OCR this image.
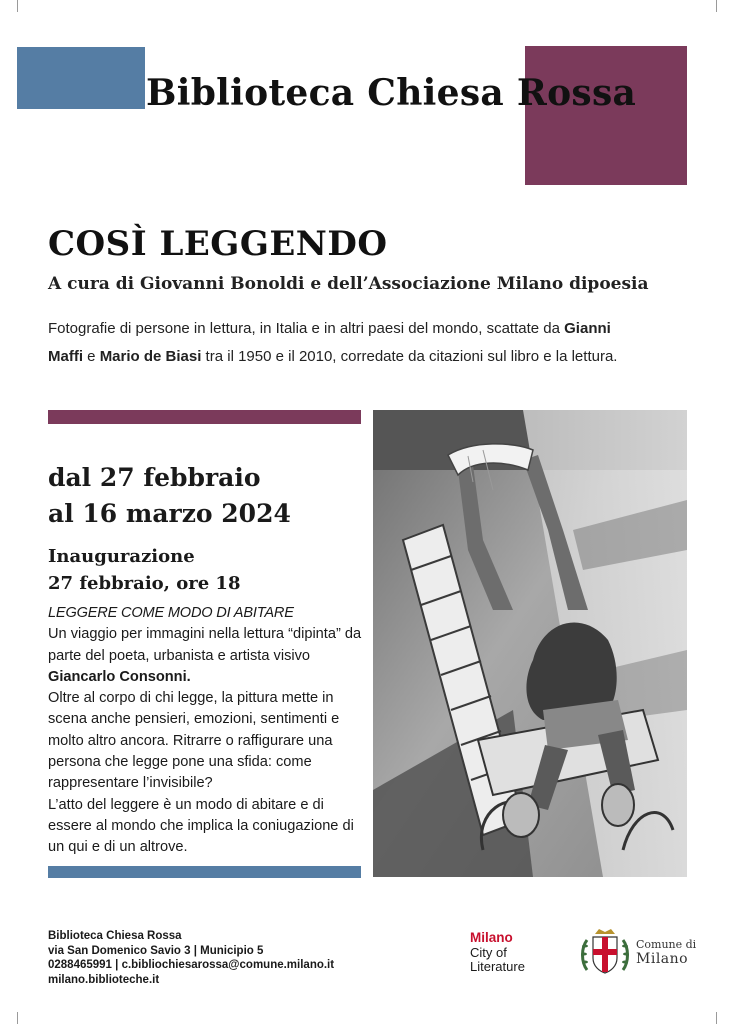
Biblioteca Chiesa Rossa
COSÌ LEGGENDO
A cura di Giovanni Bonoldi e dell’Associazione Milano dipoesia
Fotografie di persone in lettura, in Italia e in altri paesi del mondo, scattate da Gianni Maffi e Mario de Biasi tra il 1950 e il 2010, corredate da citazioni sul libro e la lettura.
dal 27 febbraio
al 16 marzo 2024
Inaugurazione
27 febbraio, ore 18
LEGGERE COME MODO DI ABITARE
Un viaggio per immagini nella lettura “dipinta” da parte del poeta, urbanista e artista visivo Giancarlo Consonni.
Oltre al corpo di chi legge, la pittura mette in scena anche pensieri, emozioni, sentimenti e molto altro ancora. Ritrarre o raffigurare una persona che legge pone una sfida: come rappresentare l’invisibile?
L’atto del leggere è un modo di abitare e di essere al mondo che implica la coniugazione di un qui e di un altrove.
Biblioteca Chiesa Rossa
via San Domenico Savio 3 | Municipio 5
0288465991 | c.bibliochiesarossa@comune.milano.it
milano.biblioteche.it
Milano
City of
Literature
Comune di
Milano
